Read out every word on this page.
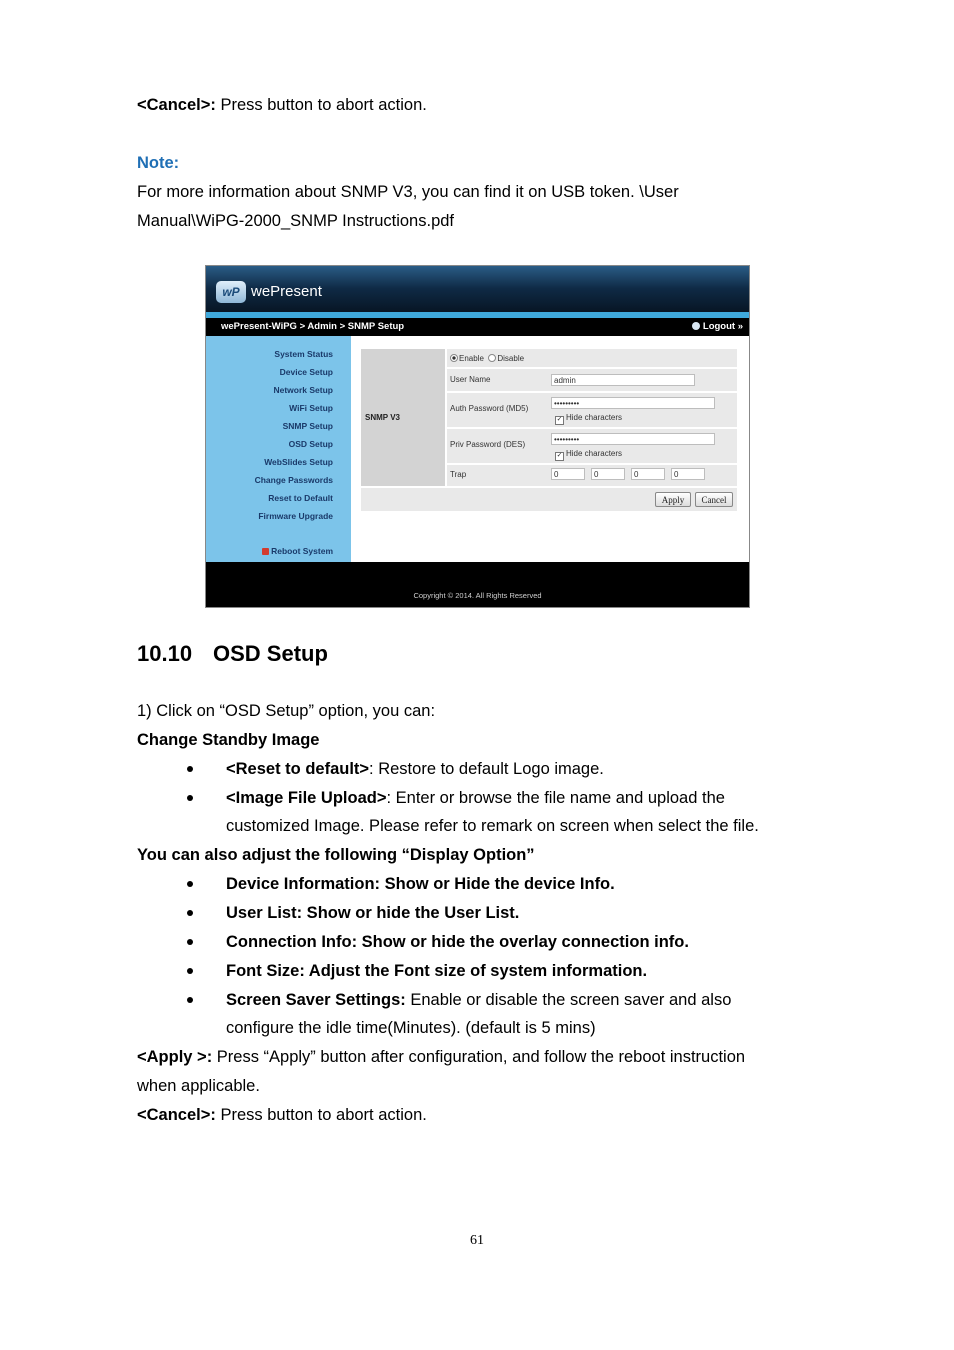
<Cancel>: Press button to abort action.
Note:
For more information about SNMP V3, you can find it on USB token. \User
Manual\WiPG-2000_SNMP Instructions.pdf
wP wePresent
wePresent-WiPG > Admin > SNMP Setup	Logout »
System Status
Device Setup
Network Setup
WiFi Setup
SNMP Setup
OSD Setup
WebSlides Setup
Change Passwords
Reset to Default
Firmware Upgrade
Reboot System
SNMP V3
Enable Disable
User Name	admin
Auth Password (MD5)
•••••••••
✓ Hide characters
Priv Password (DES)
•••••••••
✓ Hide characters
Trap	0	0	0	0
Apply	Cancel
Copyright © 2014. All Rights Reserved
10.10 OSD Setup
1) Click on “OSD Setup” option, you can:
Change Standby Image
<Reset to default>: Restore to default Logo image.
<Image File Upload>: Enter or browse the file name and upload the
customized Image. Please refer to remark on screen when select the file.
You can also adjust the following “Display Option”
Device Information: Show or Hide the device Info.
User List: Show or hide the User List.
Connection Info: Show or hide the overlay connection info.
Font Size: Adjust the Font size of system information.
Screen Saver Settings: Enable or disable the screen saver and also
configure the idle time(Minutes). (default is 5 mins)
<Apply >: Press “Apply” button after configuration, and follow the reboot instruction
when applicable.
<Cancel>: Press button to abort action.
61
